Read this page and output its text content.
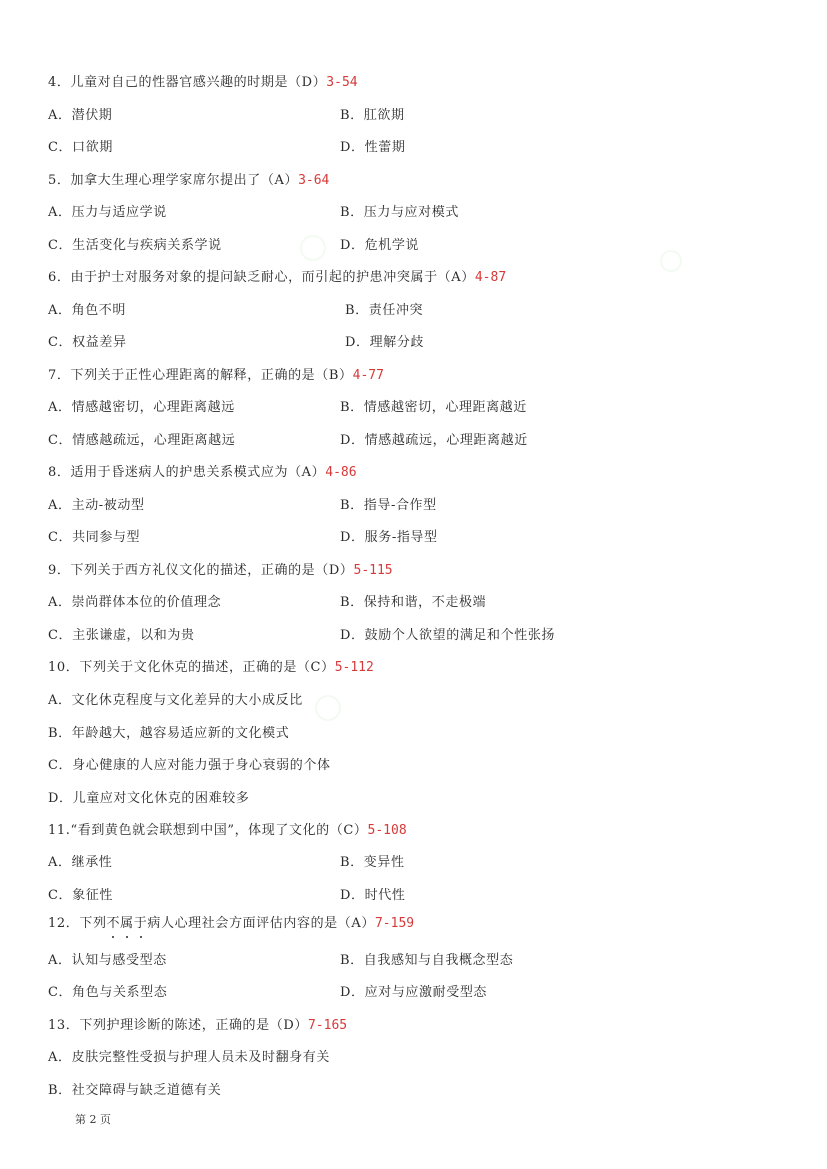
4．儿童对自己的性器官感兴趣的时期是（D）3-54
A．潜伏期	B．肛欲期
C．口欲期	D．性蕾期
5．加拿大生理心理学家席尔提出了（A）3-64
A．压力与适应学说	B．压力与应对模式
C．生活变化与疾病关系学说	D．危机学说
6．由于护士对服务对象的提问缺乏耐心，而引起的护患冲突属于（A）4-87
A．角色不明	B．责任冲突
C．权益差异	D．理解分歧
7．下列关于正性心理距离的解释，正确的是（B）4-77
A．情感越密切，心理距离越远	B．情感越密切，心理距离越近
C．情感越疏远，心理距离越远	D．情感越疏远，心理距离越近
8．适用于昏迷病人的护患关系模式应为（A）4-86
A．主动-被动型	B．指导-合作型
C．共同参与型	D．服务-指导型
9．下列关于西方礼仪文化的描述，正确的是（D）5-115
A．崇尚群体本位的价值理念	B．保持和谐，不走极端
C．主张谦虚，以和为贵	D．鼓励个人欲望的满足和个性张扬
10．下列关于文化休克的描述，正确的是（C）5-112
A．文化休克程度与文化差异的大小成反比
B．年龄越大，越容易适应新的文化模式
C．身心健康的人应对能力强于身心衰弱的个体
D．儿童应对文化休克的困难较多
11.“看到黄色就会联想到中国”，体现了文化的（C）5-108
A．继承性	B．变异性
C．象征性	D．时代性
12．下列不属于病人心理社会方面评估内容的是（A）7-159
A．认知与感受型态	B．自我感知与自我概念型态
C．角色与关系型态	D．应对与应激耐受型态
13．下列护理诊断的陈述，正确的是（D）7-165
A．皮肤完整性受损与护理人员未及时翻身有关
B．社交障碍与缺乏道德有关
第 2 页
